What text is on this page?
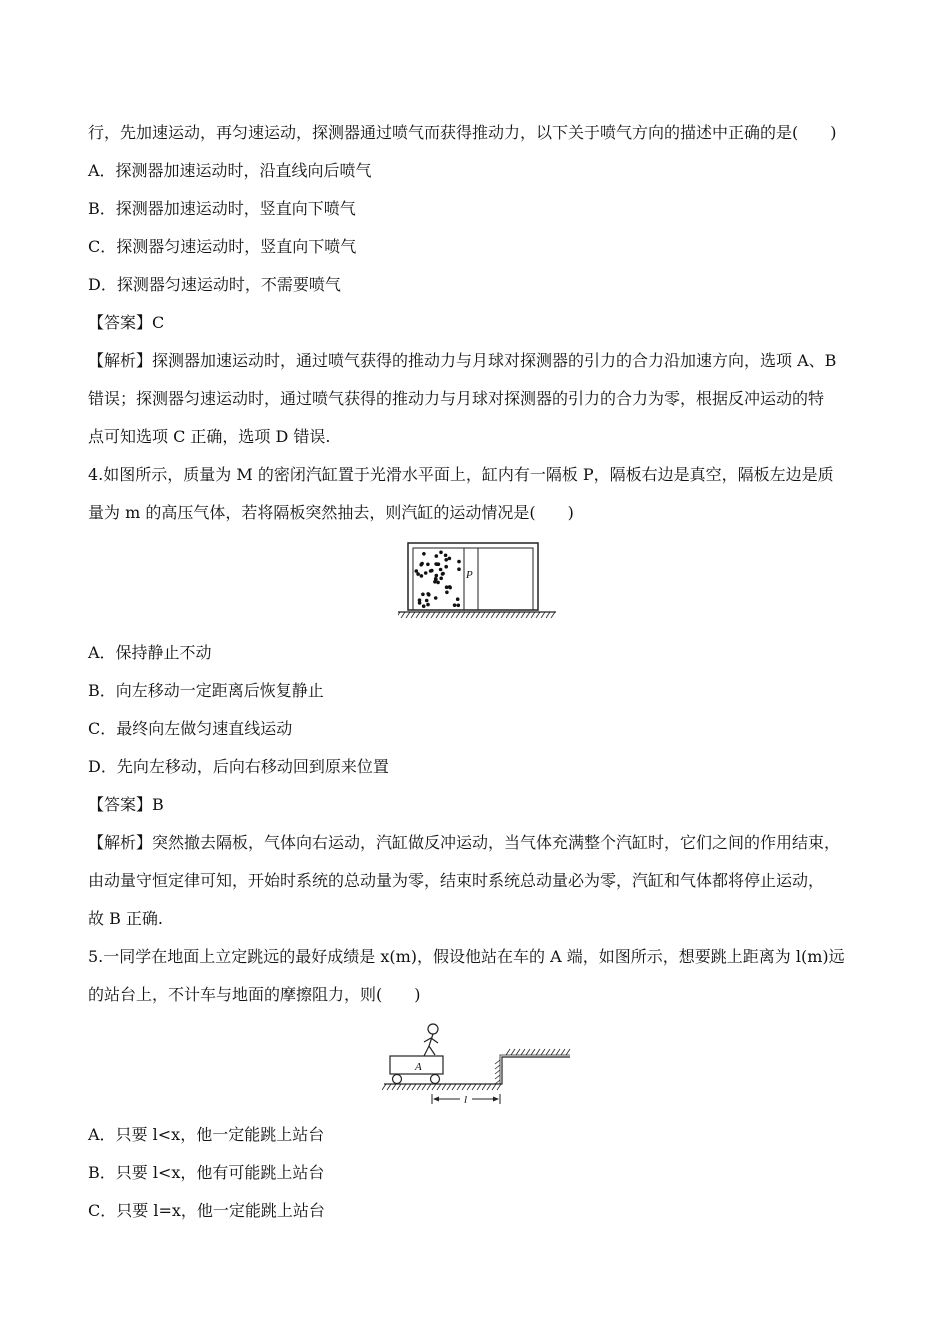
行，先加速运动，再匀速运动，探测器通过喷气而获得推动力，以下关于喷气方向的描述中正确的是(　　)
A．探测器加速运动时，沿直线向后喷气
B．探测器加速运动时，竖直向下喷气
C．探测器匀速运动时，竖直向下喷气
D．探测器匀速运动时，不需要喷气
【答案】C
【解析】探测器加速运动时，通过喷气获得的推动力与月球对探测器的引力的合力沿加速方向，选项 A、B
错误；探测器匀速运动时，通过喷气获得的推动力与月球对探测器的引力的合力为零，根据反冲运动的特
点可知选项 C 正确，选项 D 错误.
4.如图所示，质量为 M 的密闭汽缸置于光滑水平面上，缸内有一隔板 P，隔板右边是真空，隔板左边是质
量为 m 的高压气体，若将隔板突然抽去，则汽缸的运动情况是(　　)
P
A．保持静止不动
B．向左移动一定距离后恢复静止
C．最终向左做匀速直线运动
D．先向左移动，后向右移动回到原来位置
【答案】B
【解析】突然撤去隔板，气体向右运动，汽缸做反冲运动，当气体充满整个汽缸时，它们之间的作用结束，
由动量守恒定律可知，开始时系统的总动量为零，结束时系统总动量必为零，汽缸和气体都将停止运动，
故 B 正确.
5.一同学在地面上立定跳远的最好成绩是 x(m)，假设他站在车的 A 端，如图所示，想要跳上距离为 l(m)远
的站台上，不计车与地面的摩擦阻力，则(　　)
A
l
A．只要 l<x，他一定能跳上站台
B．只要 l<x，他有可能跳上站台
C．只要 l=x，他一定能跳上站台
